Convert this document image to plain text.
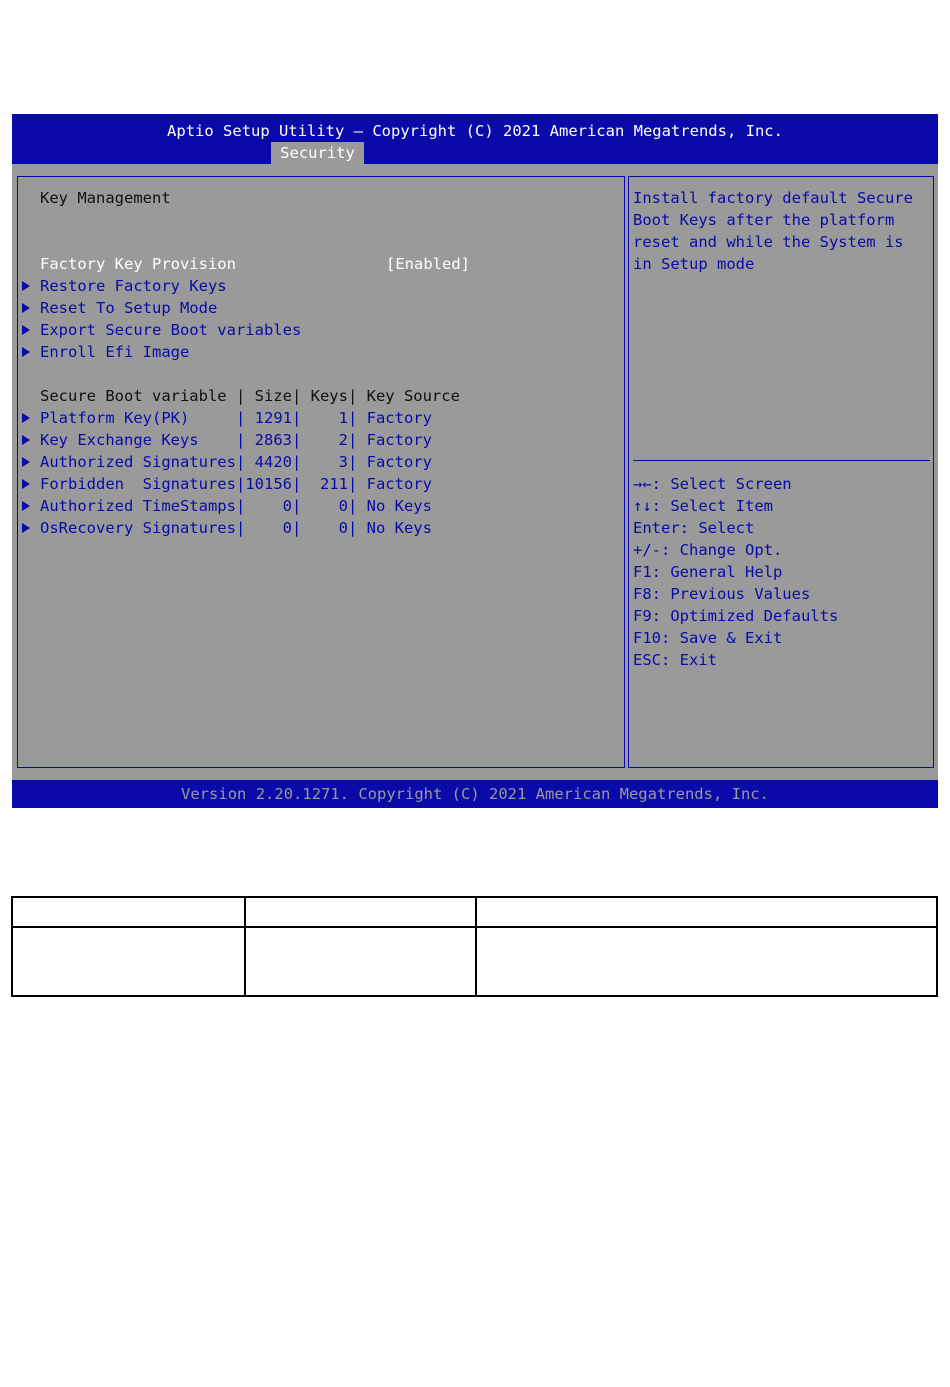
Aptio Setup Utility – Copyright (C) 2021 American Megatrends, Inc.
Security
Key Management
Factory Key Provision	[Enabled]
Restore Factory Keys
Reset To Setup Mode
Export Secure Boot variables
Enroll Efi Image
Secure Boot variable | Size| Keys| Key Source
Platform Key(PK) | 1291|    1| Factory
Key Exchange Keys | 2863|    2| Factory
Authorized Signatures | 4420|    3| Factory
Forbidden  Signatures |10156|  211| Factory
Authorized TimeStamps |    0|    0| No Keys
OsRecovery Signatures |    0|    0| No Keys
Install factory default Secure
Boot Keys after the platform
reset and while the System is
in Setup mode
→←: Select Screen
↑↓: Select Item
Enter: Select
+/-: Change Opt.
F1: General Help
F8: Previous Values
F9: Optimized Defaults
F10: Save & Exit
ESC: Exit
Version 2.20.1271. Copyright (C) 2021 American Megatrends, Inc.
